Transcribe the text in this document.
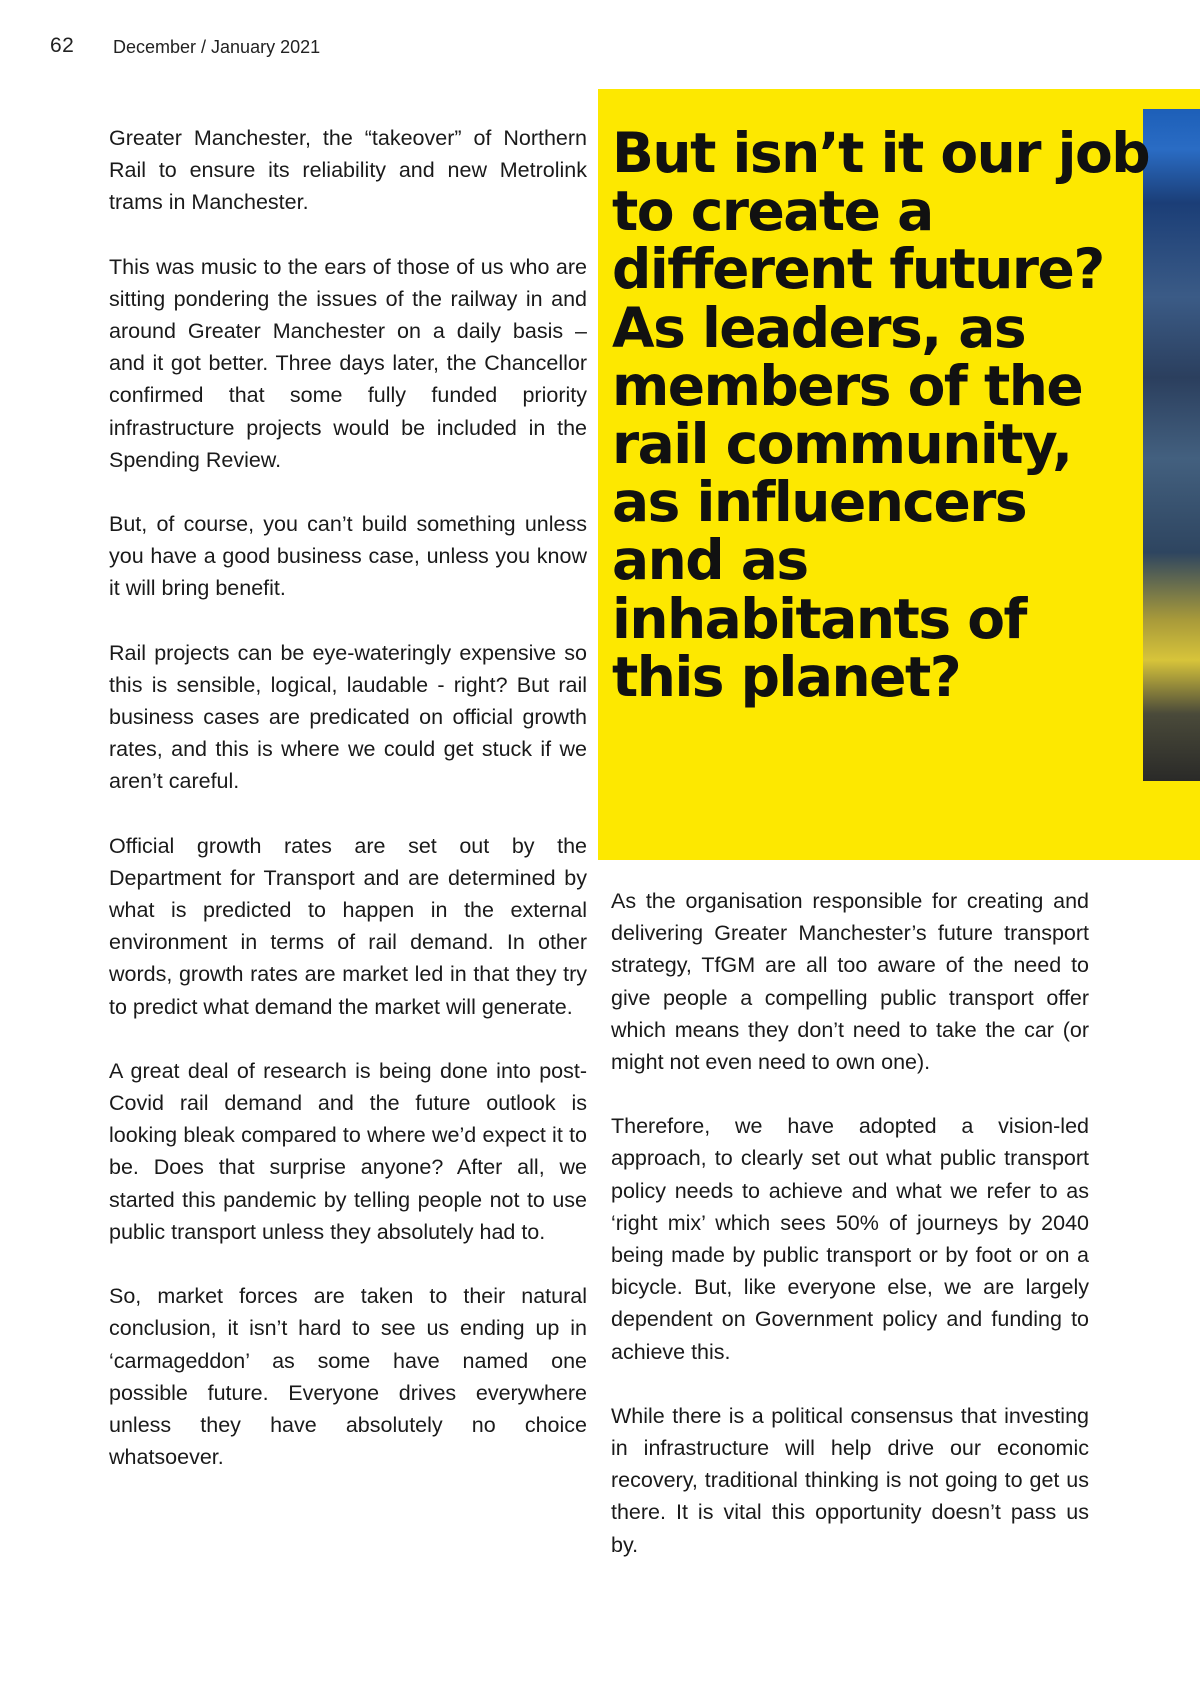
62 December / January 2021

Greater Manchester, the “takeover” of Northern Rail to ensure its reliability and new Metrolink trams in Manchester.

This was music to the ears of those of us who are sitting pondering the issues of the railway in and around Greater Manchester on a daily basis – and it got better. Three days later, the Chancellor confirmed that some fully funded priority infrastructure projects would be included in the Spending Review.

But, of course, you can’t build something unless you have a good business case, unless you know it will bring benefit.

Rail projects can be eye-wateringly expensive so this is sensible, logical, laudable - right? But rail business cases are predicated on official growth rates, and this is where we could get stuck if we aren’t careful.

Official growth rates are set out by the Department for Transport and are determined by what is predicted to happen in the external environment in terms of rail demand. In other words, growth rates are market led in that they try to predict what demand the market will generate.

A great deal of research is being done into post-Covid rail demand and the future outlook is looking bleak compared to where we’d expect it to be. Does that surprise anyone? After all, we started this pandemic by telling people not to use public transport unless they absolutely had to.

So, market forces are taken to their natural conclusion, it isn’t hard to see us ending up in ‘carmageddon’ as some have named one possible future. Everyone drives everywhere unless they have absolutely no choice whatsoever.

But isn’t it our job to create a different future? As leaders, as members of the rail community, as influencers and as inhabitants of this planet?

As the organisation responsible for creating and delivering Greater Manchester’s future transport strategy, TfGM are all too aware of the need to give people a compelling public transport offer which means they don’t need to take the car (or might not even need to own one).

Therefore, we have adopted a vision-led approach, to clearly set out what public transport policy needs to achieve and what we refer to as ‘right mix’ which sees 50% of journeys by 2040 being made by public transport or by foot or on a bicycle. But, like everyone else, we are largely dependent on Government policy and funding to achieve this.

While there is a political consensus that investing in infrastructure will help drive our economic recovery, traditional thinking is not going to get us there. It is vital this opportunity doesn’t pass us by.
